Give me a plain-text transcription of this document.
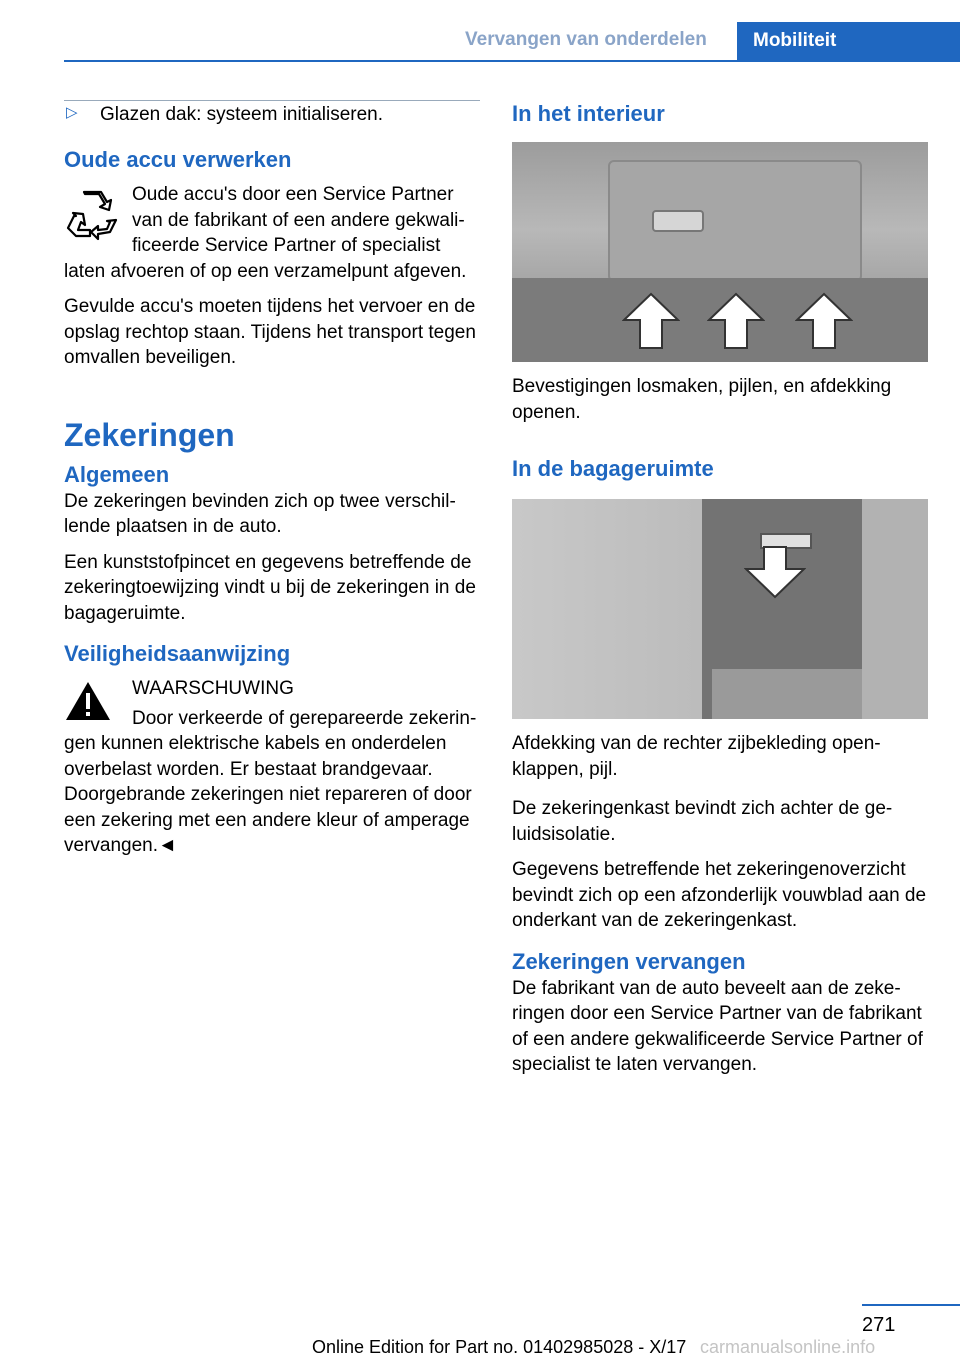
Vervangen van onderdelen Mobiliteit
▷ Glazen dak: systeem initialiseren.
Oude accu verwerken

Oude accu's door een Service Partner van de fabrikant of een andere gekwalificeerde Service Partner of specialist laten afvoeren of op een verzamelpunt afgeven.

Gevulde accu's moeten tijdens het vervoer en de opslag rechtop staan. Tijdens het transport tegen omvallen beveiligen.

Zekeringen
Algemeen

De zekeringen bevinden zich op twee verschillende plaatsen in de auto.

Een kunststofpincet en gegevens betreffende de zekeringtoewijzing vindt u bij de zekeringen in de bagageruimte.

Veiligheidsaanwijzing

WAARSCHUWING

Door verkeerde of gerepareerde zekeringen kunnen elektrische kabels en onderdelen overbelast worden. Er bestaat brandgevaar. Doorgebrande zekeringen niet repareren of door een zekering met een andere kleur of amperage vervangen.◄

In het interieur

Bevestigingen losmaken, pijlen, en afdekking openen.

In de bagageruimte

Afdekking van de rechter zijbekleding openklappen, pijl.

De zekeringenkast bevindt zich achter de geluidsisolatie.

Gegevens betreffende het zekeringenoverzicht bevindt zich op een afzonderlijk vouwblad aan de onderkant van de zekeringenkast.

Zekeringen vervangen

De fabrikant van de auto beveelt aan de zekeringen door een Service Partner van de fabrikant of een andere gekwalificeerde Service Partner of specialist te laten vervangen.

271
Online Edition for Part no. 01402985028 - X/17 carmanualsonline.info
